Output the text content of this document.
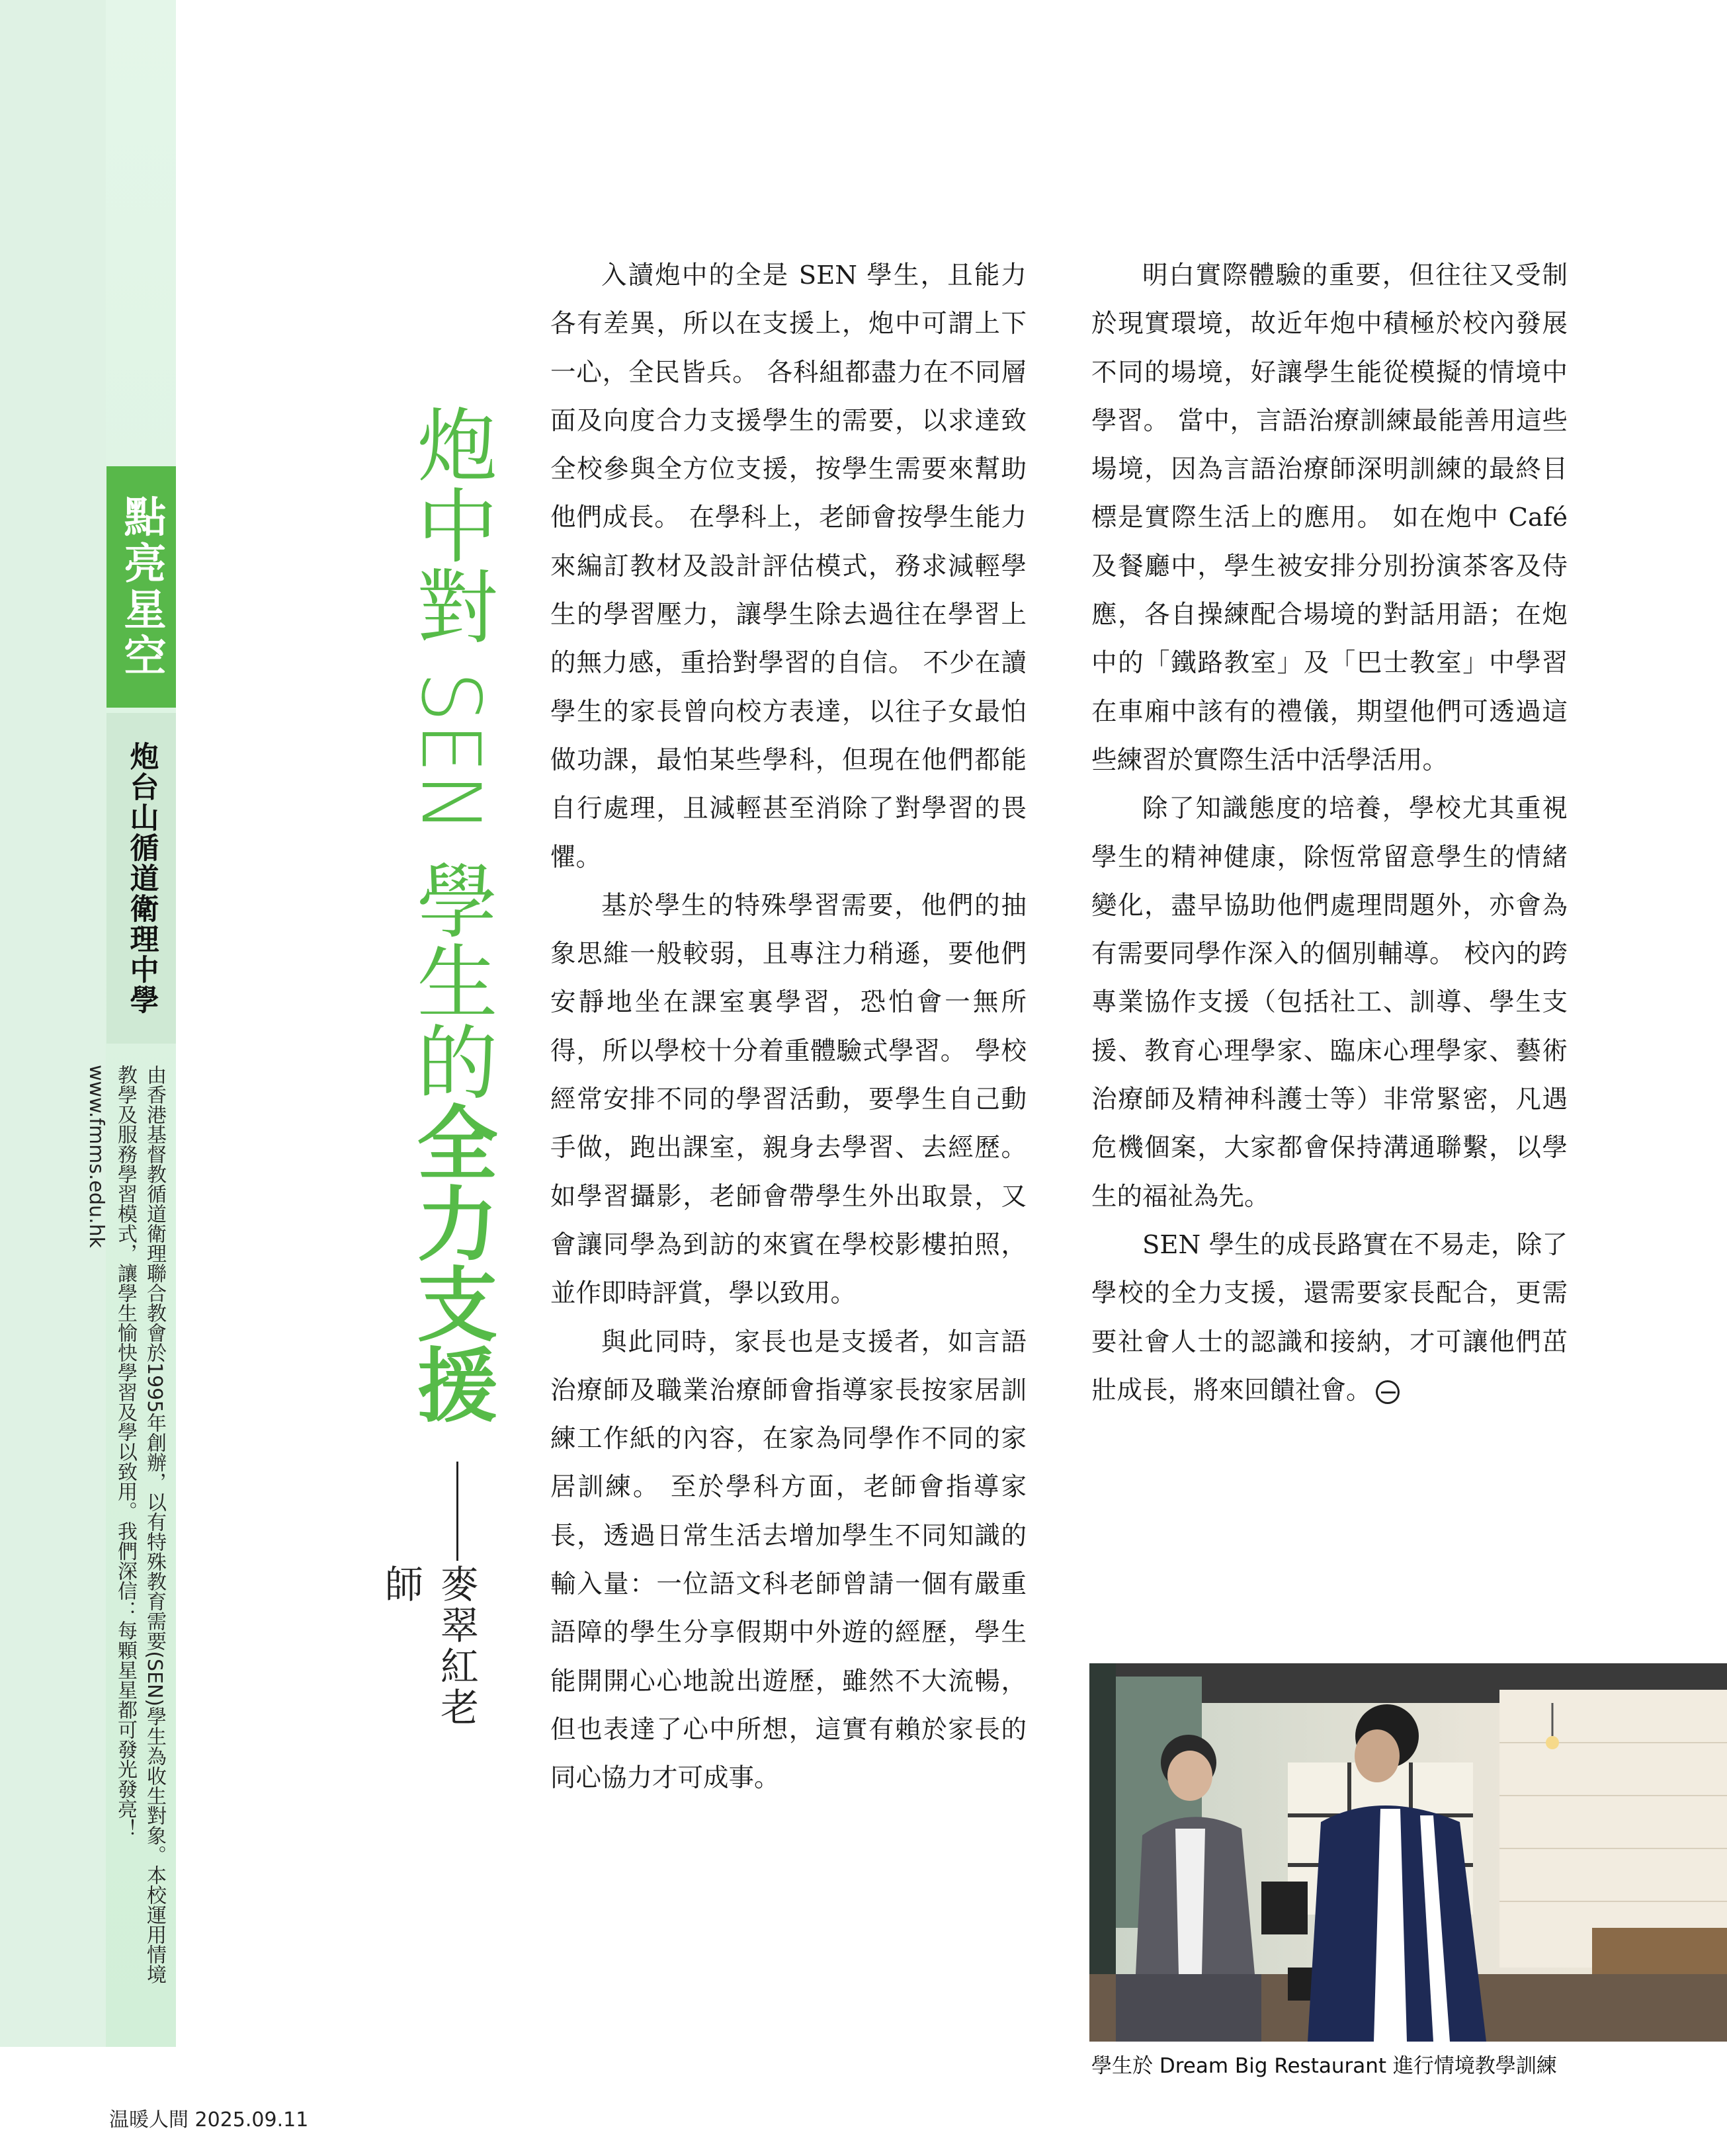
點亮星空
炮台山循道衛理中學
由香港基督教循道衛理聯合教會於1995年創辦，以有特殊教育需要(SEN)學生為收生對象。本校運用情境教學及服務學習模式，讓學生愉快學習及學以致用。我們深信：每顆星星都可發光發亮！www.fmms.edu.hk
炮中對 SEN 學生的全力支援
麥翠紅老師

入讀炮中的全是 SEN 學生，且能力各有差異，所以在支援上，炮中可謂上下一心，全民皆兵。 各科組都盡力在不同層面及向度合力支援學生的需要，以求達致全校參與全方位支援，按學生需要來幫助他們成長。 在學科上，老師會按學生能力來編訂教材及設計評估模式，務求減輕學生的學習壓力，讓學生除去過往在學習上的無力感，重拾對學習的自信。 不少在讀學生的家長曾向校方表達，以往子女最怕做功課，最怕某些學科，但現在他們都能自行處理，且減輕甚至消除了對學習的畏懼。

基於學生的特殊學習需要，他們的抽象思維一般較弱，且專注力稍遜，要他們安靜地坐在課室裏學習，恐怕會一無所得，所以學校十分着重體驗式學習。 學校經常安排不同的學習活動，要學生自己動手做，跑出課室，親身去學習、去經歷。 如學習攝影，老師會帶學生外出取景，又會讓同學為到訪的來賓在學校影樓拍照，並作即時評賞，學以致用。

與此同時，家長也是支援者，如言語治療師及職業治療師會指導家長按家居訓練工作紙的內容，在家為同學作不同的家居訓練。 至於學科方面，老師會指導家長，透過日常生活去增加學生不同知識的輸入量：一位語文科老師曾請一個有嚴重語障的學生分享假期中外遊的經歷，學生能開開心心地說出遊歷，雖然不大流暢，但也表達了心中所想，這實有賴於家長的同心協力才可成事。

明白實際體驗的重要，但往往又受制於現實環境，故近年炮中積極於校內發展不同的場境，好讓學生能從模擬的情境中學習。 當中，言語治療訓練最能善用這些場境，因為言語治療師深明訓練的最終目標是實際生活上的應用。 如在炮中 Café 及餐廳中，學生被安排分別扮演茶客及侍應，各自操練配合場境的對話用語；在炮中的「鐵路教室」及「巴士教室」中學習在車廂中該有的禮儀，期望他們可透過這些練習於實際生活中活學活用。

除了知識態度的培養，學校尤其重視學生的精神健康，除恆常留意學生的情緒變化，盡早協助他們處理問題外，亦會為有需要同學作深入的個別輔導。 校內的跨專業協作支援（包括社工、訓導、學生支援、教育心理學家、臨床心理學家、藝術治療師及精神科護士等）非常緊密，凡遇危機個案，大家都會保持溝通聯繫，以學生的福祉為先。

SEN 學生的成長路實在不易走，除了學校的全力支援，還需要家長配合，更需要社會人士的認識和接納，才可讓他們茁壯成長，將來回饋社會。

學生於 Dream Big Restaurant 進行情境教學訓練
温暖人間 2025.09.11
